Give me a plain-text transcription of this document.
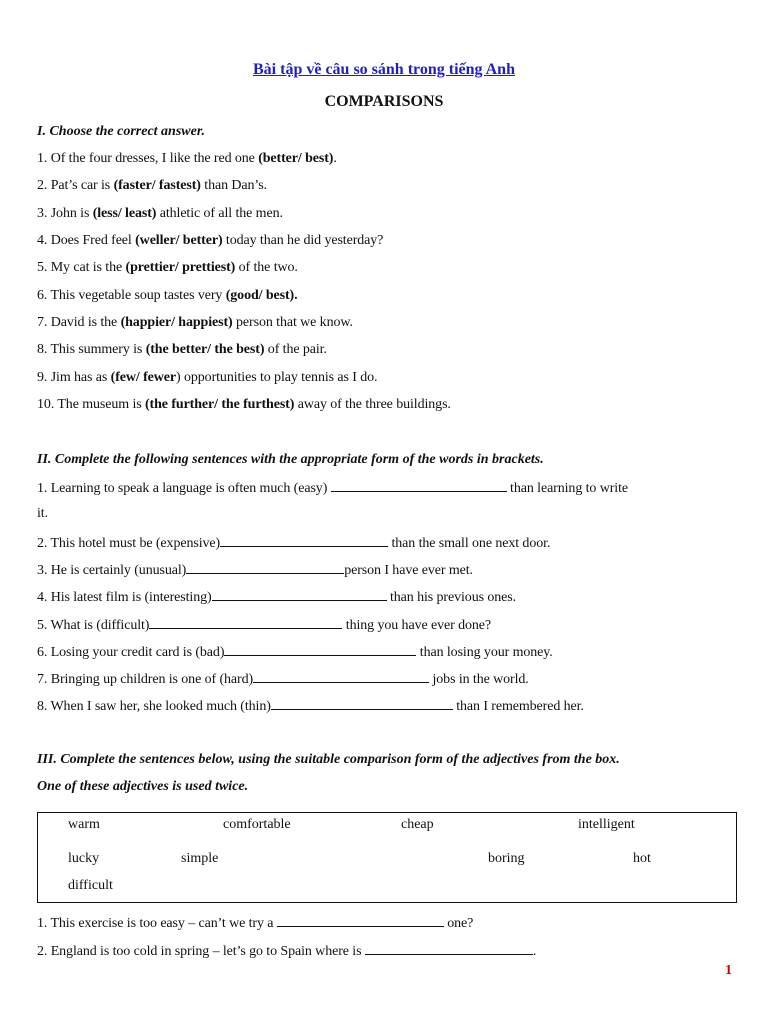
Bài tập về câu so sánh trong tiếng Anh
COMPARISONS
I. Choose the correct answer.
1. Of the four dresses, I like the red one (better/ best).
2. Pat’s car is (faster/ fastest) than Dan’s.
3. John is (less/ least) athletic of all the men.
4. Does Fred feel (weller/ better) today than he did yesterday?
5. My cat is the (prettier/ prettiest) of the two.
6. This vegetable soup tastes very (good/ best).
7. David is the (happier/ happiest) person that we know.
8. This summery is (the better/ the best) of the pair.
9. Jim has as (few/ fewer) opportunities to play tennis as I do.
10. The museum is (the further/ the furthest) away of the three buildings.
II. Complete the following sentences with the appropriate form of the words in brackets.
1. Learning to speak a language is often much (easy)	than learning to write
it.
2. This hotel must be (expensive)	than the small one next door.
3. He is certainly (unusual)	person I have ever met.
4. His latest film is (interesting)	than his previous ones.
5. What is (difficult)	thing you have ever done?
6. Losing your credit card is (bad)	than losing your money.
7. Bringing up children is one of (hard)	jobs in the world.
8. When I saw her, she looked much (thin)	than I remembered her.
III. Complete the sentences below, using the suitable comparison form of the adjectives from the box.
One of these adjectives is used twice.
warm	comfortable	cheap	intelligent
lucky	simple	boring	hot
difficult
1. This exercise is too easy – can’t we try a	one?
2. England is too cold in spring – let’s go to Spain where is	.
1
